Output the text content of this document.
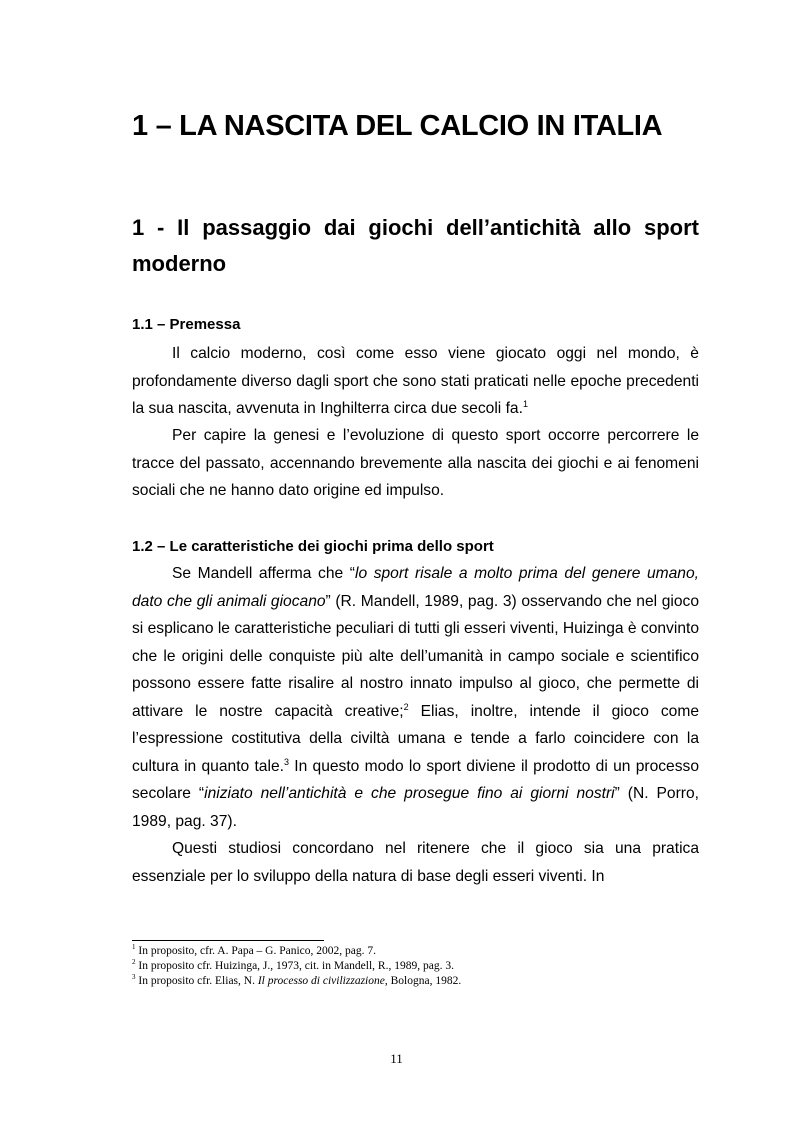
1 – LA NASCITA DEL CALCIO IN ITALIA
1 - Il passaggio dai giochi dell’antichità allo sport moderno
1.1 – Premessa

Il calcio moderno, così come esso viene giocato oggi nel mondo, è profondamente diverso dagli sport che sono stati praticati nelle epoche precedenti la sua nascita, avvenuta in Inghilterra circa due secoli fa.$^1$

Per capire la genesi e l’evoluzione di questo sport occorre percorrere le tracce del passato, accennando brevemente alla nascita dei giochi e ai fenomeni sociali che ne hanno dato origine ed impulso.

1.2 – Le caratteristiche dei giochi prima dello sport

Se Mandell afferma che “lo sport risale a molto prima del genere umano, dato che gli animali giocano” (R. Mandell, 1989, pag. 3) osservando che nel gioco si esplicano le caratteristiche peculiari di tutti gli esseri viventi, Huizinga è convinto che le origini delle conquiste più alte dell’umanità in campo sociale e scientifico possono essere fatte risalire al nostro innato impulso al gioco, che permette di attivare le nostre capacità creative;$^2$ Elias, inoltre, intende il gioco come l’espressione costitutiva della civiltà umana e tende a farlo coincidere con la cultura in quanto tale.$^3$ In questo modo lo sport diviene il prodotto di un processo secolare “iniziato nell’antichità e che prosegue fino ai giorni nostri” (N. Porro, 1989, pag. 37).

Questi studiosi concordano nel ritenere che il gioco sia una pratica essenziale per lo sviluppo della natura di base degli esseri viventi. In

$^1$ In proposito, cfr. A. Papa – G. Panico, 2002, pag. 7.
$^2$ In proposito cfr. Huizinga, J., 1973, cit. in Mandell, R., 1989, pag. 3.
$^3$ In proposito cfr. Elias, N. Il processo di civilizzazione, Bologna, 1982.
11
